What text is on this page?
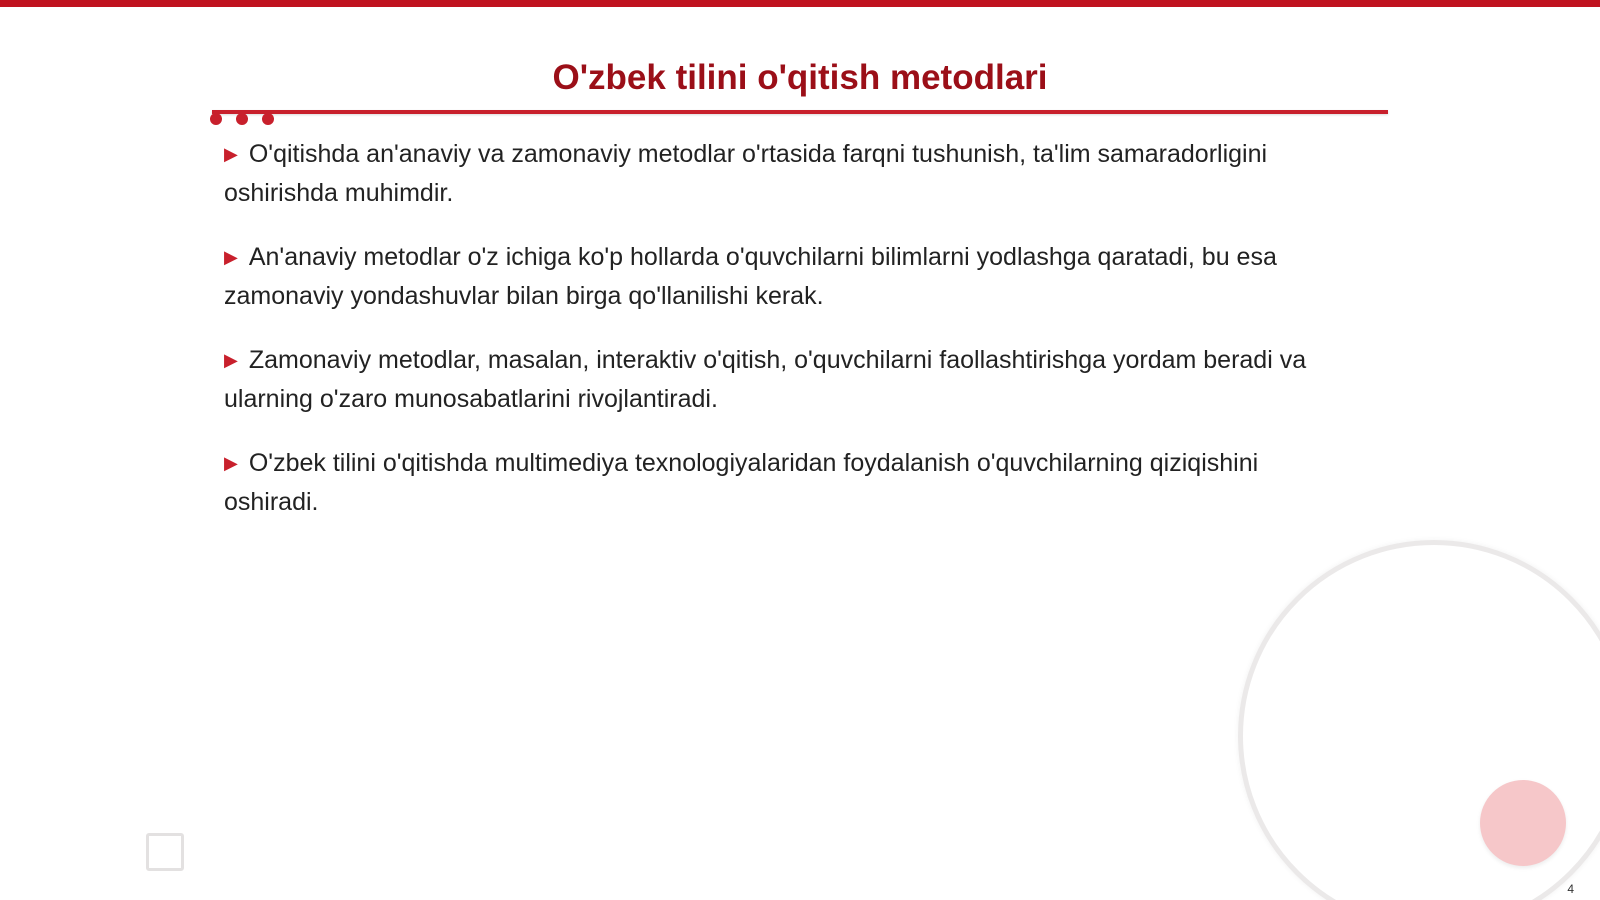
O'zbek tilini o'qitish metodlari
▶ O'qitishda an'anaviy va zamonaviy metodlar o'rtasida farqni tushunish, ta'lim samaradorligini oshirishda muhimdir.
▶ An'anaviy metodlar o'z ichiga ko'p hollarda o'quvchilarni bilimlarni yodlashga qaratadi, bu esa zamonaviy yondashuvlar bilan birga qo'llanilishi kerak.
▶ Zamonaviy metodlar, masalan, interaktiv o'qitish, o'quvchilarni faollashtirishga yordam beradi va ularning o'zaro munosabatlarini rivojlantiradi.
▶ O'zbek tilini o'qitishda multimediya texnologiyalaridan foydalanish o'quvchilarning qiziqishini oshiradi.
4
